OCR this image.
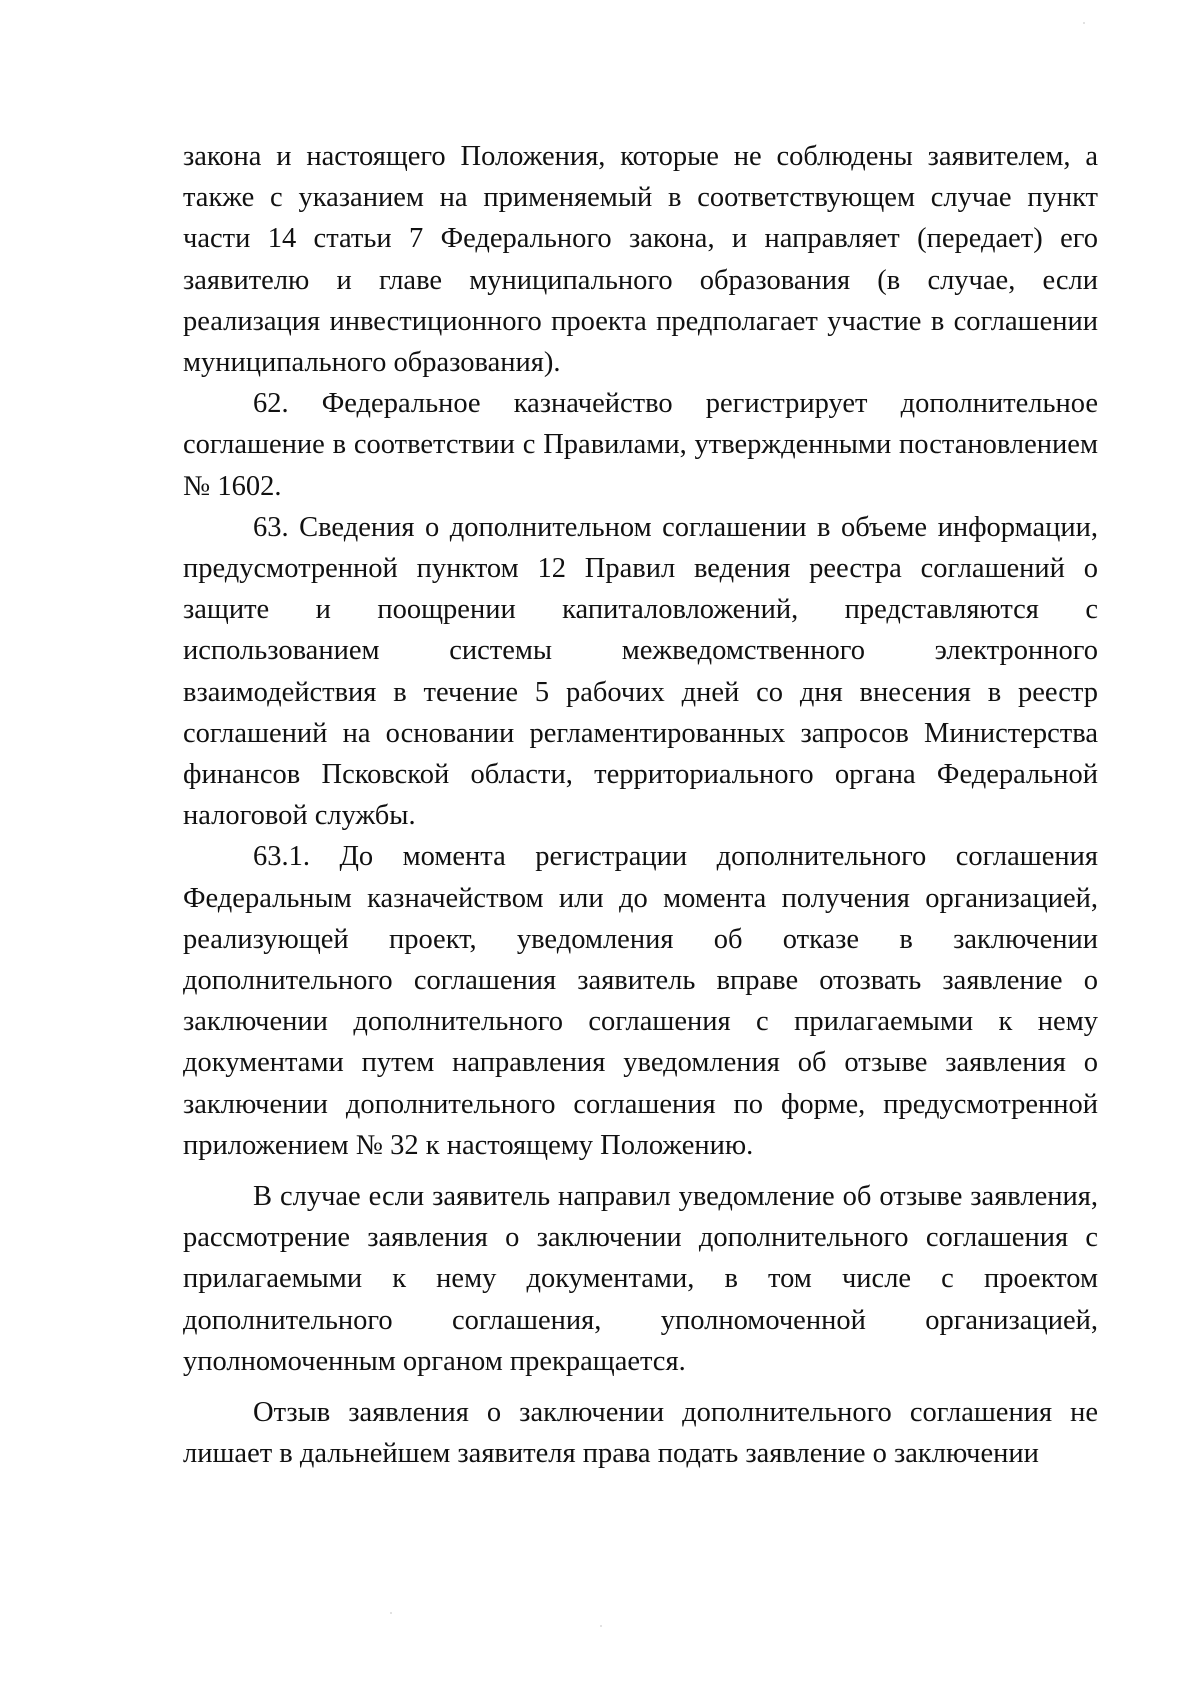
закона и настоящего Положения, которые не соблюдены заявителем, а также с указанием на применяемый в соответствующем случае пункт части 14 статьи 7 Федерального закона, и направляет (передает) его заявителю и главе муниципального образования (в случае, если реализация инвестиционного проекта предполагает участие в соглашении муниципального образования).

62. Федеральное казначейство регистрирует дополнительное соглашение в соответствии с Правилами, утвержденными постановлением № 1602.

63. Сведения о дополнительном соглашении в объеме информации, предусмотренной пунктом 12 Правил ведения реестра соглашений о защите и поощрении капиталовложений, представляются с использованием системы межведомственного электронного взаимодействия в течение 5 рабочих дней со дня внесения в реестр соглашений на основании регламентированных запросов Министерства финансов Псковской области, территориального органа Федеральной налоговой службы.

63.1. До момента регистрации дополнительного соглашения Федеральным казначейством или до момента получения организацией, реализующей проект, уведомления об отказе в заключении дополнительного соглашения заявитель вправе отозвать заявление о заключении дополнительного соглашения с прилагаемыми к нему документами путем направления уведомления об отзыве заявления о заключении дополнительного соглашения по форме, предусмотренной приложением № 32 к настоящему Положению.

В случае если заявитель направил уведомление об отзыве заявления, рассмотрение заявления о заключении дополнительного соглашения с прилагаемыми к нему документами, в том числе с проектом дополнительного соглашения, уполномоченной организацией, уполномоченным органом прекращается.

Отзыв заявления о заключении дополнительного соглашения не лишает в дальнейшем заявителя права подать заявление о заключении
